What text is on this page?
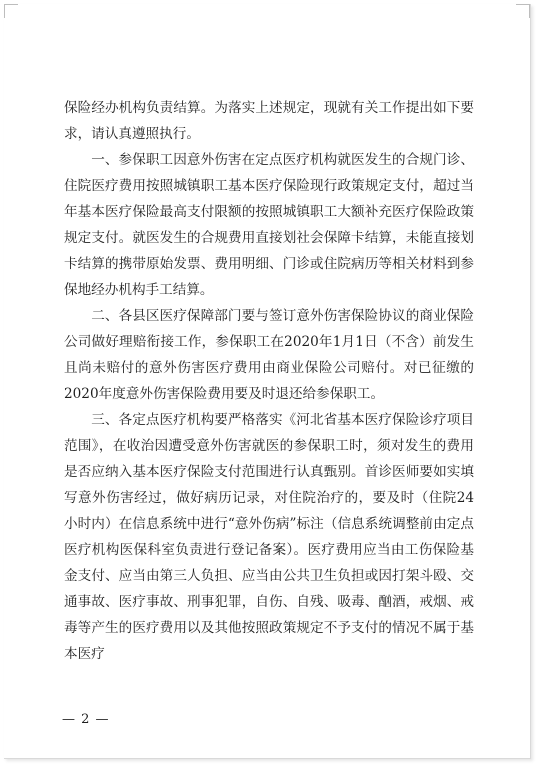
保险经办机构负责结算。为落实上述规定，现就有关工作提出如下要求，请认真遵照执行。

一、参保职工因意外伤害在定点医疗机构就医发生的合规门诊、住院医疗费用按照城镇职工基本医疗保险现行政策规定支付，超过当年基本医疗保险最高支付限额的按照城镇职工大额补充医疗保险政策规定支付。就医发生的合规费用直接划社会保障卡结算，未能直接划卡结算的携带原始发票、费用明细、门诊或住院病历等相关材料到参保地经办机构手工结算。

二、各县区医疗保障部门要与签订意外伤害保险协议的商业保险公司做好理赔衔接工作，参保职工在2020年1月1日（不含）前发生且尚未赔付的意外伤害医疗费用由商业保险公司赔付。对已征缴的2020年度意外伤害保险费用要及时退还给参保职工。

三、各定点医疗机构要严格落实《河北省基本医疗保险诊疗项目范围》，在收治因遭受意外伤害就医的参保职工时，须对发生的费用是否应纳入基本医疗保险支付范围进行认真甄别。首诊医师要如实填写意外伤害经过，做好病历记录，对住院治疗的，要及时（住院24小时内）在信息系统中进行“意外伤病”标注（信息系统调整前由定点医疗机构医保科室负责进行登记备案）。医疗费用应当由工伤保险基金支付、应当由第三人负担、应当由公共卫生负担或因打架斗殴、交通事故、医疗事故、刑事犯罪，自伤、自残、吸毒、酗酒，戒烟、戒毒等产生的医疗费用以及其他按照政策规定不予支付的情况不属于基本医疗

— 2 —
